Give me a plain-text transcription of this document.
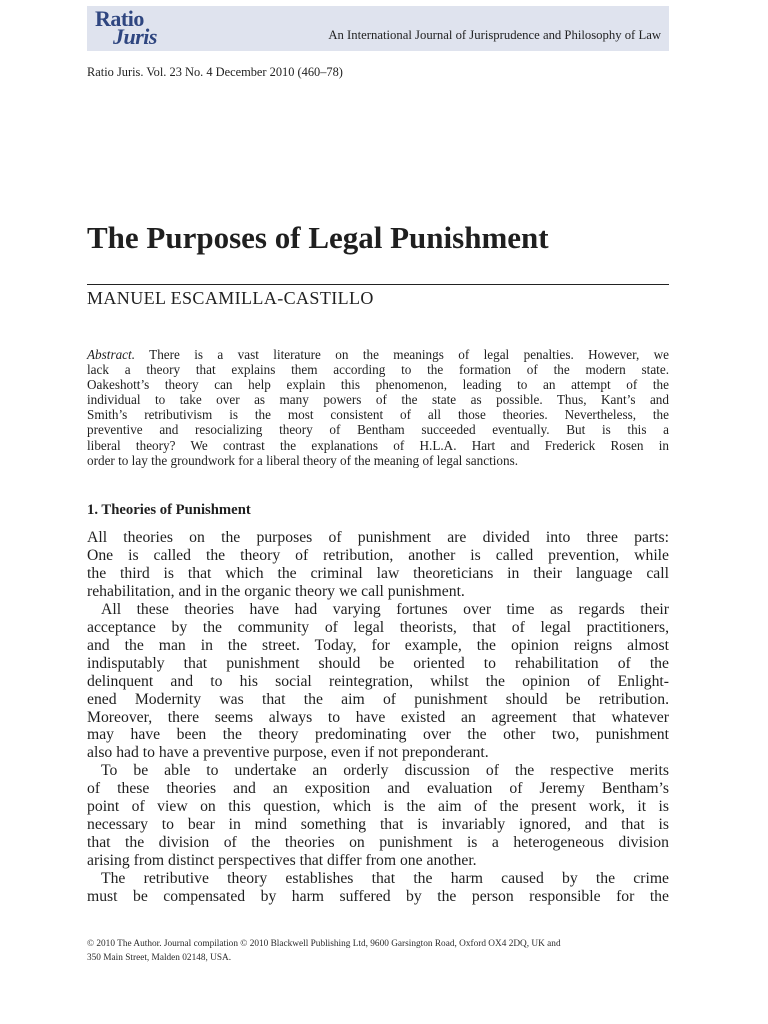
Ratio
Juris	An International Journal of Jurisprudence and Philosophy of Law
Ratio Juris. Vol. 23 No. 4 December 2010 (460–78)
The Purposes of Legal Punishment
MANUEL ESCAMILLA-CASTILLO
Abstract. There is a vast literature on the meanings of legal penalties. However, we
lack a theory that explains them according to the formation of the modern state.
Oakeshott’s theory can help explain this phenomenon, leading to an attempt of the
individual to take over as many powers of the state as possible. Thus, Kant’s and
Smith’s retributivism is the most consistent of all those theories. Nevertheless, the
preventive and resocializing theory of Bentham succeeded eventually. But is this a
liberal theory? We contrast the explanations of H.L.A. Hart and Frederick Rosen in
order to lay the groundwork for a liberal theory of the meaning of legal sanctions.
1. Theories of Punishment
All theories on the purposes of punishment are divided into three parts:
One is called the theory of retribution, another is called prevention, while
the third is that which the criminal law theoreticians in their language call
rehabilitation, and in the organic theory we call punishment.
All these theories have had varying fortunes over time as regards their
acceptance by the community of legal theorists, that of legal practitioners,
and the man in the street. Today, for example, the opinion reigns almost
indisputably that punishment should be oriented to rehabilitation of the
delinquent and to his social reintegration, whilst the opinion of Enlight-
ened Modernity was that the aim of punishment should be retribution.
Moreover, there seems always to have existed an agreement that whatever
may have been the theory predominating over the other two, punishment
also had to have a preventive purpose, even if not preponderant.
To be able to undertake an orderly discussion of the respective merits
of these theories and an exposition and evaluation of Jeremy Bentham’s
point of view on this question, which is the aim of the present work, it is
necessary to bear in mind something that is invariably ignored, and that is
that the division of the theories on punishment is a heterogeneous division
arising from distinct perspectives that differ from one another.
The retributive theory establishes that the harm caused by the crime
must be compensated by harm suffered by the person responsible for the
© 2010 The Author. Journal compilation © 2010 Blackwell Publishing Ltd, 9600 Garsington Road, Oxford OX4 2DQ, UK and
350 Main Street, Malden 02148, USA.
